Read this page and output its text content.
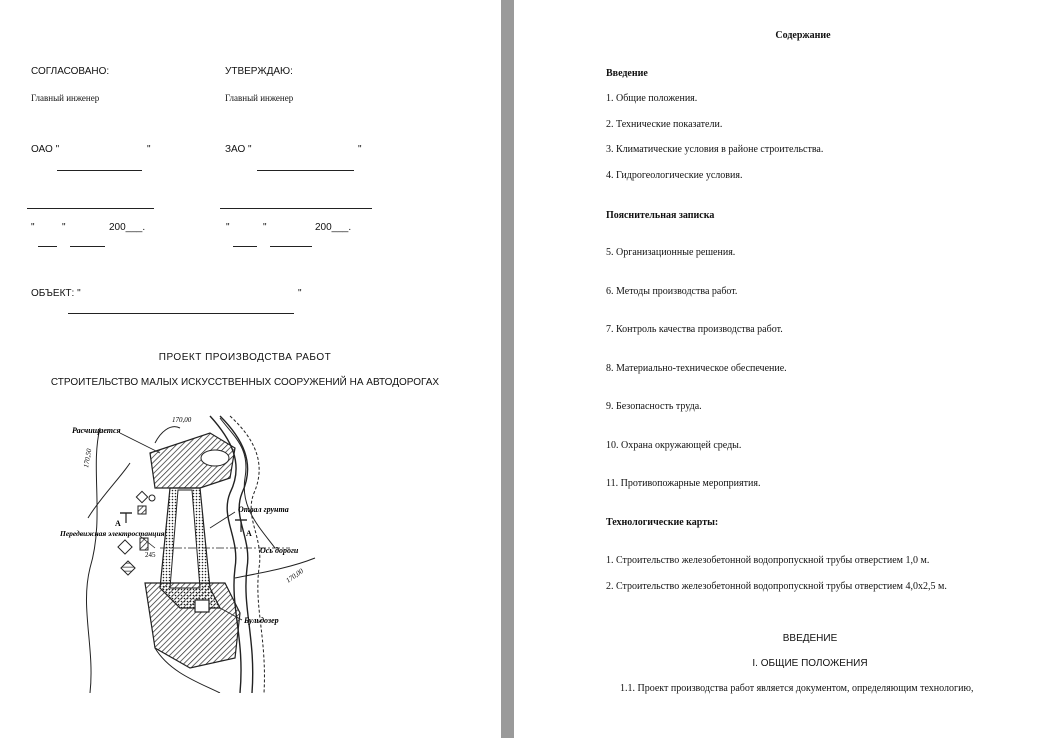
СОГЛАСОВАНО:
Главный инженер
УТВЕРЖДАЮ:
Главный инженер
ОАО "	"	ЗАО "	"
"	"	200___.	"	"	200___.
ОБЪЕКТ: "	"
ПРОЕКТ ПРОИЗВОДСТВА РАБОТ
СТРОИТЕЛЬСТВО МАЛЫХ ИСКУССТВЕННЫХ СООРУЖЕНИЙ НА АВТОДОРОГАХ
Расчищается
170,00
170,50
Отвал грунта
А
А
Передвижная электростанция
245	Ось дороги
170,00
Бульдозер
Содержание
Введение
1. Общие положения.
2. Технические показатели.
3. Климатические условия в районе строительства.
4. Гидрогеологические условия.
Пояснительная записка
5. Организационные решения.
6. Методы производства работ.
7. Контроль качества производства работ.
8. Материально-техническое обеспечение.
9. Безопасность труда.
10. Охрана окружающей среды.
11. Противопожарные мероприятия.
Технологические карты:
1. Строительство железобетонной водопропускной трубы отверстием 1,0 м.
2. Строительство железобетонной водопропускной трубы отверстием 4,0х2,5 м.
ВВЕДЕНИЕ
I. ОБЩИЕ ПОЛОЖЕНИЯ
1.1. Проект производства работ является документом, определяющим технологию,
